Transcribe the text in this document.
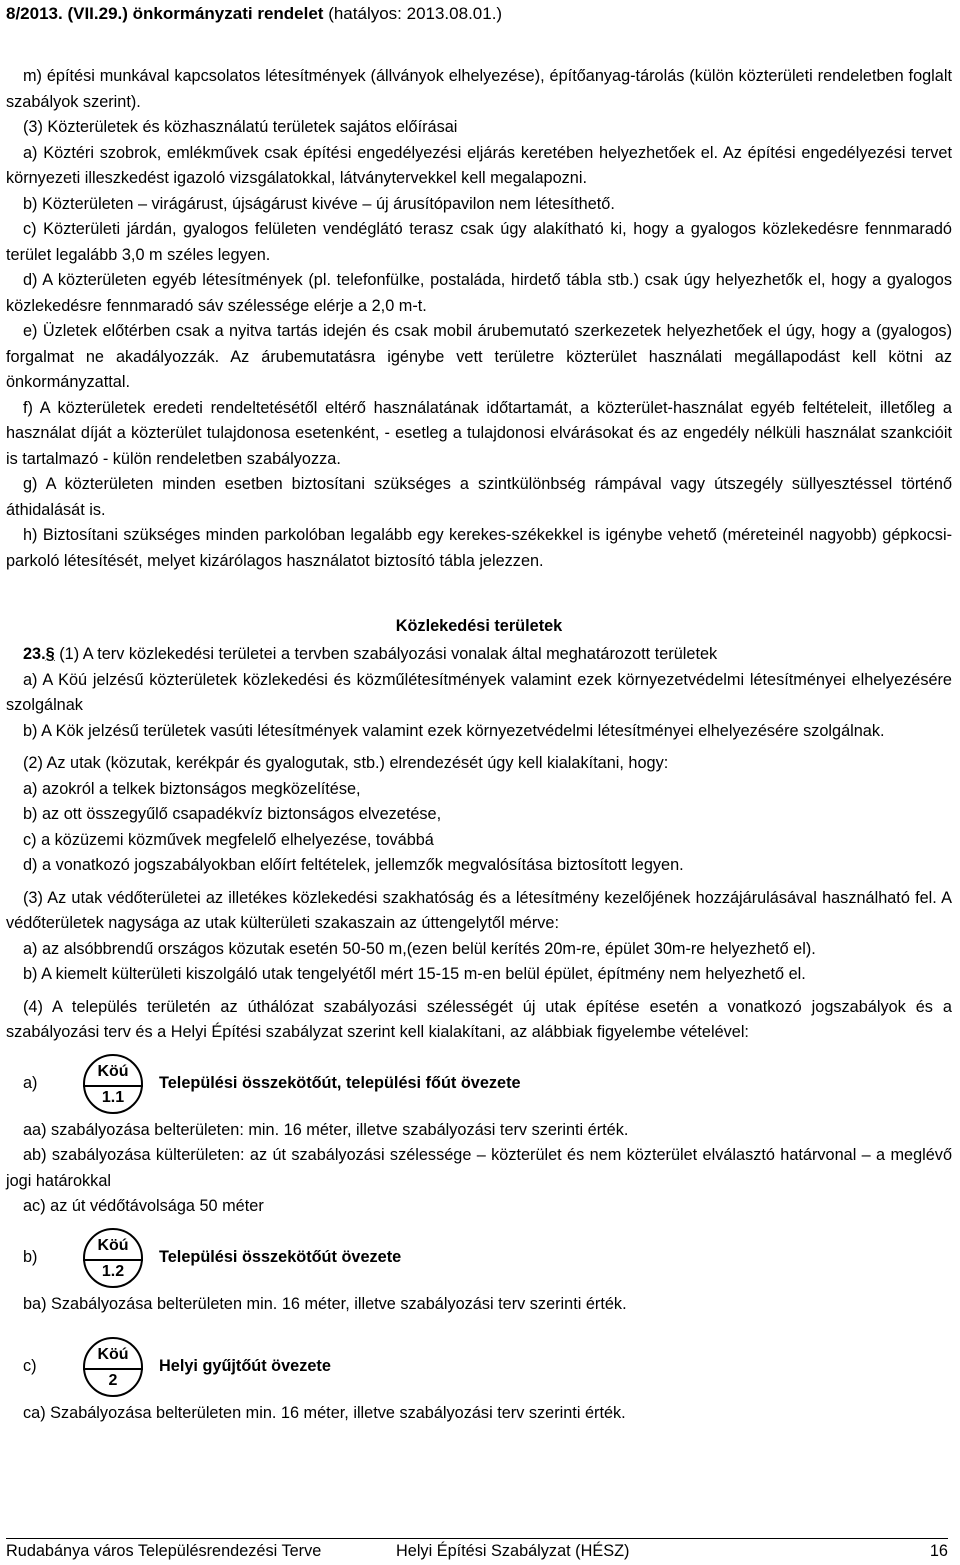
8/2013. (VII.29.) önkormányzati rendelet (hatályos: 2013.08.01.)

m) építési munkával kapcsolatos létesítmények (állványok elhelyezése), építőanyag-tárolás (külön közterületi rendeletben foglalt szabályok szerint).

(3) Közterületek és közhasználatú területek sajátos előírásai

a) Köztéri szobrok, emlékművek csak építési engedélyezési eljárás keretében helyezhetőek el. Az építési engedélyezési tervet környezeti illeszkedést igazoló vizsgálatokkal, látványtervekkel kell megalapozni.

b) Közterületen – virágárust, újságárust kivéve – új árusítópavilon nem létesíthető.

c) Közterületi járdán, gyalogos felületen vendéglátó terasz csak úgy alakítható ki, hogy a gyalogos közlekedésre fennmaradó terület legalább 3,0 m széles legyen.

d) A közterületen egyéb létesítmények (pl. telefonfülke, postaláda, hirdető tábla stb.) csak úgy helyezhetők el, hogy a gyalogos közlekedésre fennmaradó sáv szélessége elérje a 2,0 m-t.

e) Üzletek előtérben csak a nyitva tartás idején és csak mobil árubemutató szerkezetek helyezhetőek el úgy, hogy a (gyalogos) forgalmat ne akadályozzák. Az árubemutatásra igénybe vett területre közterület használati megállapodást kell kötni az önkormányzattal.

f) A közterületek eredeti rendeltetésétől eltérő használatának időtartamát, a közterület-használat egyéb feltételeit, illetőleg a használat díját a közterület tulajdonosa esetenként, - esetleg a tulajdonosi elvárásokat és az engedély nélküli használat szankcióit is tartalmazó - külön rendeletben szabályozza.

g) A közterületen minden esetben biztosítani szükséges a szintkülönbség rámpával vagy útszegély süllyesztéssel történő áthidalását is.

h) Biztosítani szükséges minden parkolóban legalább egy kerekes-székekkel is igénybe vehető (méreteinél nagyobb) gépkocsi-parkoló létesítését, melyet kizárólagos használatot biztosító tábla jelezzen.

Közlekedési területek

23.§ (1) A terv közlekedési területei a tervben szabályozási vonalak által meghatározott területek

a) A Köú jelzésű közterületek közlekedési és közműlétesítmények valamint ezek környezetvédelmi létesítményei elhelyezésére szolgálnak

b) A Kök jelzésű területek vasúti létesítmények valamint ezek környezetvédelmi létesítményei elhelyezésére szolgálnak.

(2) Az utak (közutak, kerékpár és gyalogutak, stb.) elrendezését úgy kell kialakítani, hogy:

a) azokról a telkek biztonságos megközelítése,

b) az ott összegyűlő csapadékvíz biztonságos elvezetése,

c) a közüzemi közművek megfelelő elhelyezése, továbbá

d) a vonatkozó jogszabályokban előírt feltételek, jellemzők megvalósítása biztosított legyen.

(3) Az utak védőterületei az illetékes közlekedési szakhatóság és a létesítmény kezelőjének hozzájárulásával használható fel. A védőterületek nagysága az utak külterületi szakaszain az úttengelytől mérve:

a) az alsóbbrendű országos közutak esetén 50-50 m,(ezen belül kerítés 20m-re, épület 30m-re helyezhető el).

b) A kiemelt külterületi kiszolgáló utak tengelyétől mért 15-15 m-en belül épület, építmény nem helyezhető el.

(4) A település területén az úthálózat szabályozási szélességét új utak építése esetén a vonatkozó jogszabályok és a szabályozási terv és a Helyi Építési szabályzat szerint kell kialakítani, az alábbiak figyelembe vételével:

a)
Köú
1.1
Települési összekötőút, települési főút övezete

aa) szabályozása belterületen: min. 16 méter, illetve szabályozási terv szerinti érték.

ab) szabályozása külterületen: az út szabályozási szélessége – közterület és nem közterület elválasztó határvonal – a meglévő jogi határokkal

ac) az út védőtávolsága 50 méter

b)
Köú
1.2
Települési összekötőút övezete

ba) Szabályozása belterületen min. 16 méter, illetve szabályozási terv szerinti érték.

c)
Köú
2
Helyi gyűjtőút övezete

ca) Szabályozása belterületen min. 16 méter, illetve szabályozási terv szerinti érték.

Rudabánya város Településrendezési Terve	Helyi Építési Szabályzat (HÉSZ)	16
